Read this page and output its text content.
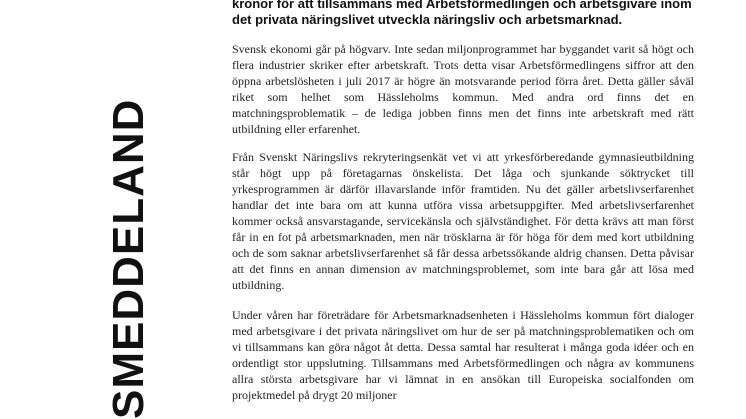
SMEDDELAND

kronor för att tillsammans med Arbetsförmedlingen och arbetsgivare inom det privata näringslivet utveckla näringsliv och arbetsmarknad.

Svensk ekonomi går på högvarv. Inte sedan miljonprogrammet har byggandet varit så högt och flera industrier skriker efter arbetskraft. Trots detta visar Arbetsförmedlingens siffror att den öppna arbetslösheten i juli 2017 är högre än motsvarande period förra året. Detta gäller såväl riket som helhet som Hässleholms kommun. Med andra ord finns det en matchningsproblematik – de lediga jobben finns men det finns inte arbetskraft med rätt utbildning eller erfarenhet.

Från Svenskt Näringslivs rekryteringsenkät vet vi att yrkesförberedande gymnasieutbildning står högt upp på företagarnas önskelista. Det låga och sjunkande söktrycket till yrkesprogrammen är därför illavarslande inför framtiden. Nu det gäller arbetslivserfarenhet handlar det inte bara om att kunna utföra vissa arbetsuppgifter. Med arbetslivserfarenhet kommer också ansvarstagande, servicekänsla och självständighet. För detta krävs att man först får in en fot på arbetsmarknaden, men när trösklarna är för höga för dem med kort utbildning och de som saknar arbetslivserfarenhet så får dessa arbetssökande aldrig chansen. Detta påvisar att det finns en annan dimension av matchningsproblemet, som inte bara går att lösa med utbildning.

Under våren har företrädare för Arbetsmarknadsenheten i Hässleholms kommun fört dialoger med arbetsgivare i det privata näringslivet om hur de ser på matchningsproblematiken och om vi tillsammans kan göra något åt detta. Dessa samtal har resulterat i många goda idéer och en ordentligt stor uppslutning. Tillsammans med Arbetsförmedlingen och några av kommunens allra största arbetsgivare har vi lämnat in en ansökan till Europeiska socialfonden om projektmedel på drygt 20 miljoner
